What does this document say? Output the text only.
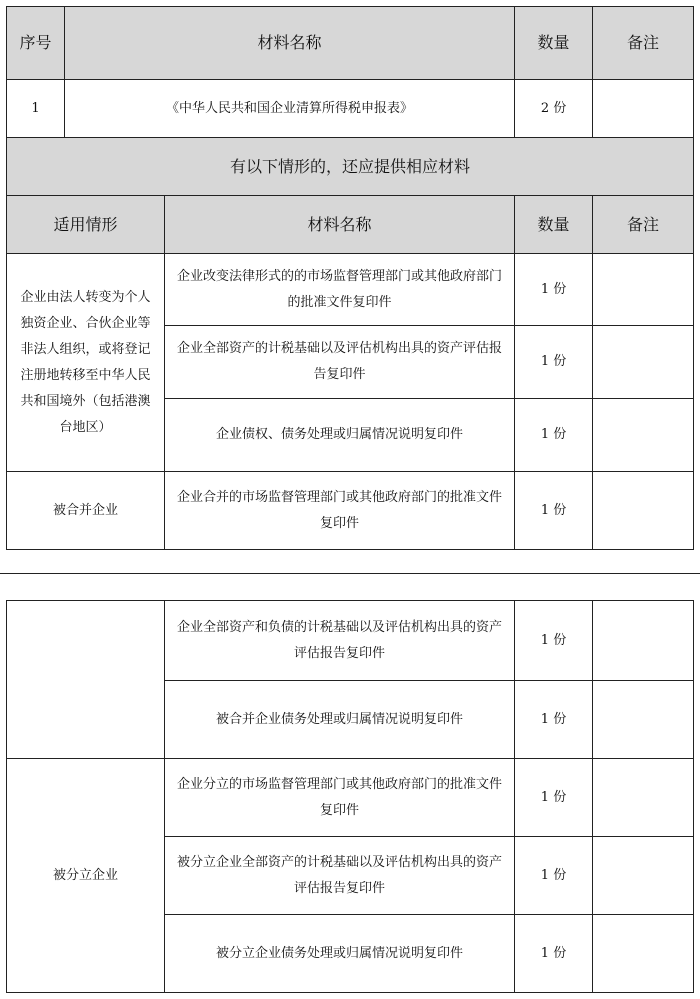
序号	材料名称		数量	备注
1	《中华人民共和国企业清算所得税申报表》		2 份	
有以下情形的，还应提供相应材料				
适用情形		材料名称	数量	备注
企业由法人转变为个人独资企业、合伙企业等非法人组织，或将登记注册地转移至中华人民共和国境外（包括港澳台地区）		企业改变法律形式的的市场监督管理部门或其他政府部门的批准文件复印件	1 份	
		企业全部资产的计税基础以及评估机构出具的资产评估报告复印件	1 份	
		企业债权、债务处理或归属情况说明复印件	1 份	
被合并企业		企业合并的市场监督管理部门或其他政府部门的批准文件复印件	1 份	
	企业全部资产和负债的计税基础以及评估机构出具的资产评估报告复印件	1 份	
	被合并企业债务处理或归属情况说明复印件	1 份	
被分立企业	企业分立的市场监督管理部门或其他政府部门的批准文件复印件	1 份	
	被分立企业全部资产的计税基础以及评估机构出具的资产评估报告复印件	1 份	
	被分立企业债务处理或归属情况说明复印件	1 份	
